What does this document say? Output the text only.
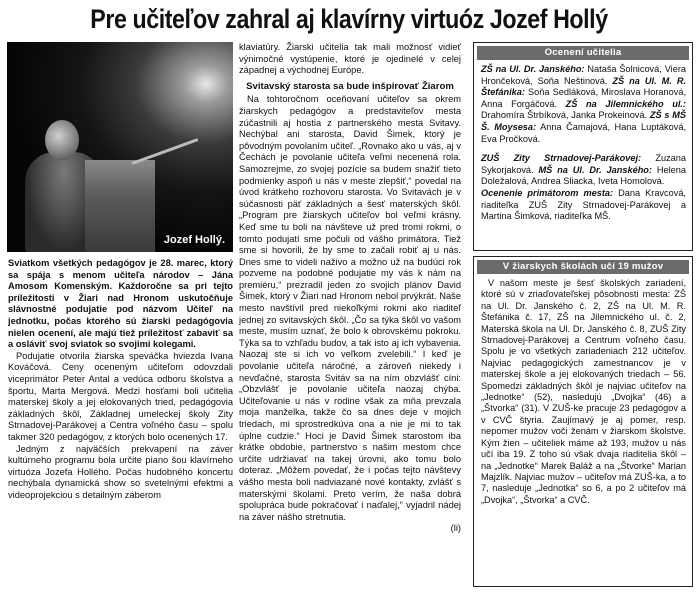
Pre učiteľov zahral aj klavírny virtuóz Jozef Hollý
Jozef Hollý.

Sviatkom všetkých pedagógov je 28. marec, ktorý sa spája s menom učiteľa národov – Jána Amosom Komenským. Každoročne sa pri tejto príležitosti v Žiari nad Hronom uskutočňuje slávnostné podujatie pod názvom Učiteľ na jednotku, počas ktorého sú žiarski pedagógovia nielen ocenení, ale majú tiež príležitosť zabaviť sa a osláviť svoj sviatok so svojimi kolegami.

Podujatie otvorila žiarska speváčka hviezda Ivana Kováčová. Ceny oceneným učiteľom odovzdali viceprimátor Peter Antal a vedúca odboru školstva a športu, Marta Mergová. Medzi hosťami boli učitelia materskej školy a jej elokovaných tried, pedagógovia základných škôl, Základnej umeleckej školy Zity Strnadovej-Parákovej a Centra voľného času – spolu takmer 320 pedagógov, z ktorých bolo ocenených 17.

Jedným z najväčších prekvapení na záver kultúrneho programu bola určite piano šou klavírneho virtuóza Jozefa Hollého. Počas hudobného koncertu nechýbala dynamická show so svetelnými efektmi a videoprojekciou s detailným záberom

klaviatúry. Žiarski učitelia tak mali možnosť vidieť výnimočné vystúpenie, ktoré je ojedinelé v celej západnej a východnej Európe.

Svitavský starosta sa bude inšpirovať Žiarom

Na tohtoročnom oceňovaní učiteľov sa okrem žiarskych pedagógov a predstaviteľov mesta zúčastnili aj hostia z partnerského mesta Svitavy. Nechýbal ani starosta, David Šimek, ktorý je pôvodným povolaním učiteľ. „Rovnako ako u vás, aj v Čechách je povolanie učiteľa veľmi necenená rola. Samozrejme, zo svojej pozície sa budem snažiť tieto podmienky aspoň u nás v meste zlepšiť,“ povedal na úvod krátkeho rozhovoru starosta. Vo Svitavách je v súčasnosti päť základných a šesť materských škôl. „Program pre žiarskych učiteľov bol veľmi krásny. Keď sme tu boli na návšteve už pred tromi rokmi, o tomto podujatí sme počuli od vášho primátora. Tiež sme si hovorili, že by sme to začali robiť aj u nás. Dnes sme to videli naživo a možno už na budúci rok pozveme na podobné podujatie my vás k nám na premiéru,“ prezradil jeden zo svojich plánov David Šimek, ktorý v Žiari nad Hronom nebol prvýkrát. Naše mesto navštívil pred niekoľkými rokmi ako riaditeľ jednej zo svitavských škôl. „Čo sa týka škôl vo vašom meste, musím uznať, že bolo k obrovskému pokroku. Týka sa to vzhľadu budov, a tak isto aj ich vybavenia. Naozaj ste si ich vo veľkom zvelebili.“ I keď je povolanie učiteľa náročné, a zároveň niekedy i nevďačné, starosta Svitáv sa na ním obzvlášť cíni: „Obzvlášť je povolanie učiteľa naozaj chýba. Učiteľovanie u nás v rodine však za mňa prevzala moja manželka, takže čo sa dnes deje v mojich triedach, mi sprostredkúva ona a nie je mi to tak úplne cudzie.“ Hoci je David Šimek starostom iba krátke obdobie, partnerstvo s našim mestom chce určite udržiavať na takej úrovni, ako tomu bolo doteraz. „Môžem povedať, že i počas tejto návštevy vášho mesta boli nadviazané nové kontakty, zvlášť s materskými školami. Preto verím, že naša dobrá spolupráca bude pokračovať i naďalej,“ vyjadril nádej na záver nášho stretnutia.

(li)

Ocenení učitelia

ZŠ na Ul. Dr. Janského: Nataša Šolnicová, Viera Hrončeková, Soňa Neštinová. ZŠ na Ul. M. R. Štefánika: Soňa Sedláková, Miroslava Horanová, Anna Forgáčová. ZŠ na Jilemnického ul.: Drahomíra Štrbíková, Janka Prokeinová. ZŠ s MŠ Š. Moysesa: Anna Čamajová, Hana Luptáková, Eva Pročková.

ZUŠ Zity Strnadovej-Parákovej: Zuzana Sykorjaková. MŠ na Ul. Dr. Janského: Helena Doležalová, Andrea Sliacka, Iveta Homolová.

Ocenenie primátorom mesta: Dana Kravcová, riaditeľka ZUŠ Zity Strnadovej-Parákovej a Martina Šimková, riaditeľka MŠ.

V žiarskych školách učí 19 mužov

V našom meste je šesť školských zariadení, ktoré sú v zriaďovateľskej pôsobnosti mesta: ZŠ na Ul. Dr. Janského č. 2, ZŠ na Ul. M. R. Štefánika č. 17, ZŠ na Jilemnického ul. č. 2, Materská škola na Ul. Dr. Janského č. 8, ZUŠ Zity Strnadovej-Parákovej a Centrum voľného času. Spolu je vo všetkých zariadeniach 212 učiteľov. Najviac pedagogických zamestnancov je v materskej škole a jej elokovaných triedach – 56. Spomedzi základných škôl je najviac učiteľov na „Jednotke“ (52), nasledujú „Dvojka“ (46) a „Štvorka“ (31). V ZUŠ-ke pracuje 23 pedagógov a v CVČ štyria. Zaujímavý je aj pomer, resp. nepomer mužov voči ženám v žiarskom školstve. Kým žien – učiteliek máme až 193, mužov u nás učí iba 19. Z toho sú však dvaja riaditelia škôl – na „Jednotke“ Marek Baláž a na „Štvorke“ Marian Majzlík. Najviac mužov – učiteľov má ZUŠ-ka, a to 7, nasleduje „Jednotka“ so 6, a po 2 učiteľov má „Dvojka“, „Štvorka“ a CVČ.
